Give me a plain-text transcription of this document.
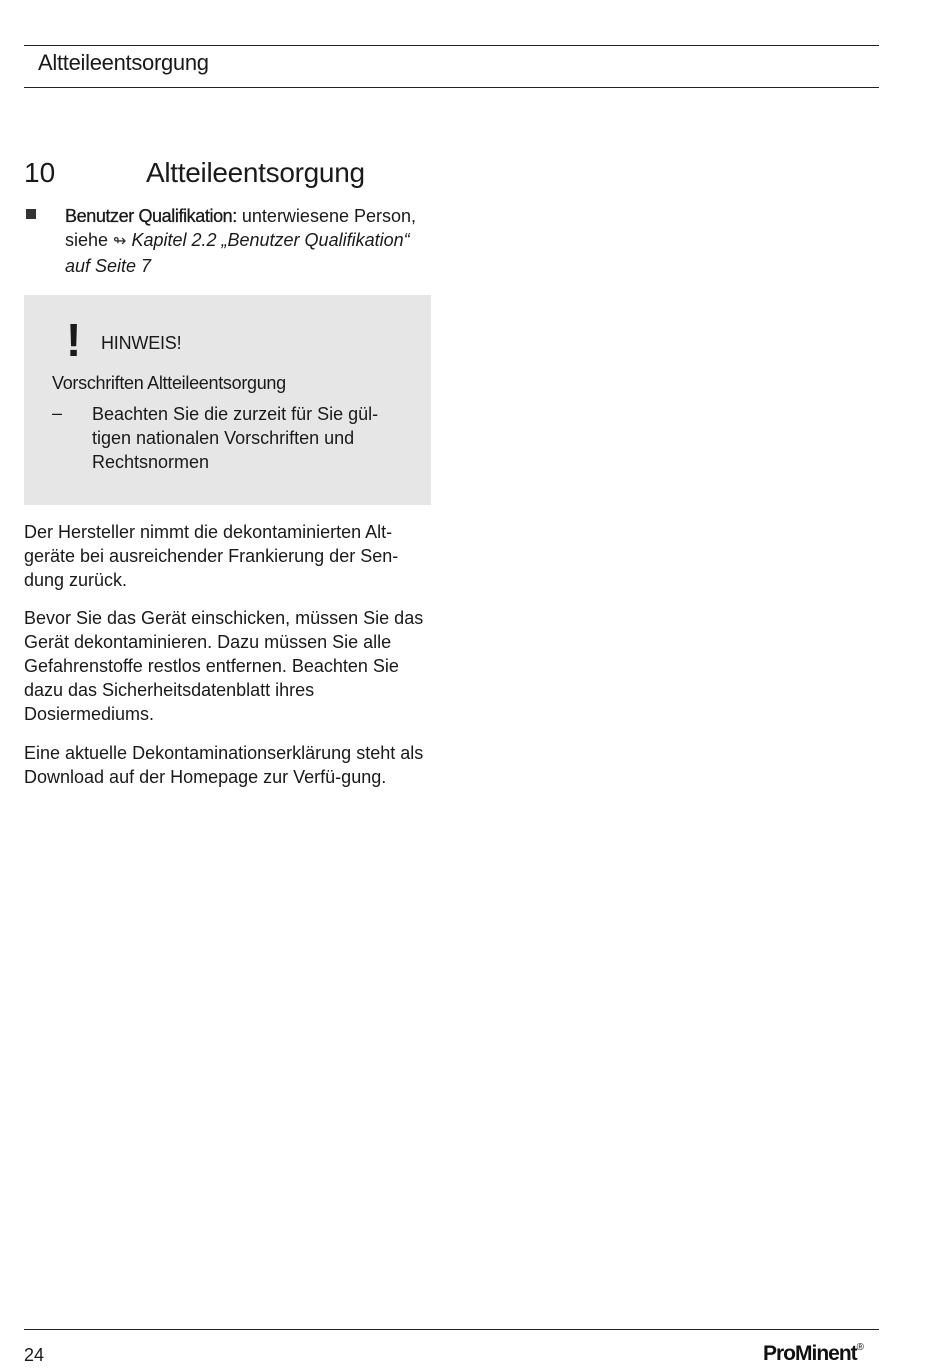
Altteileentsorgung
10	Altteileentsorgung
Benutzer Qualifikation: unterwiesene Person, siehe ↬ Kapitel 2.2 „Benutzer Qualifikation“ auf Seite 7
! HINWEIS!
Vorschriften Altteileentsorgung
– Beachten Sie die zurzeit für Sie gül-tigen nationalen Vorschriften und Rechtsnormen

Der Hersteller nimmt die dekontaminierten Alt-geräte bei ausreichender Frankierung der Sen-dung zurück.

Bevor Sie das Gerät einschicken, müssen Sie das Gerät dekontaminieren. Dazu müssen Sie alle Gefahrenstoffe restlos entfernen. Beachten Sie dazu das Sicherheitsdatenblatt ihres Dosiermediums.

Eine aktuelle Dekontaminationserklärung steht als Download auf der Homepage zur Verfü-gung.

24	ProMinent®
